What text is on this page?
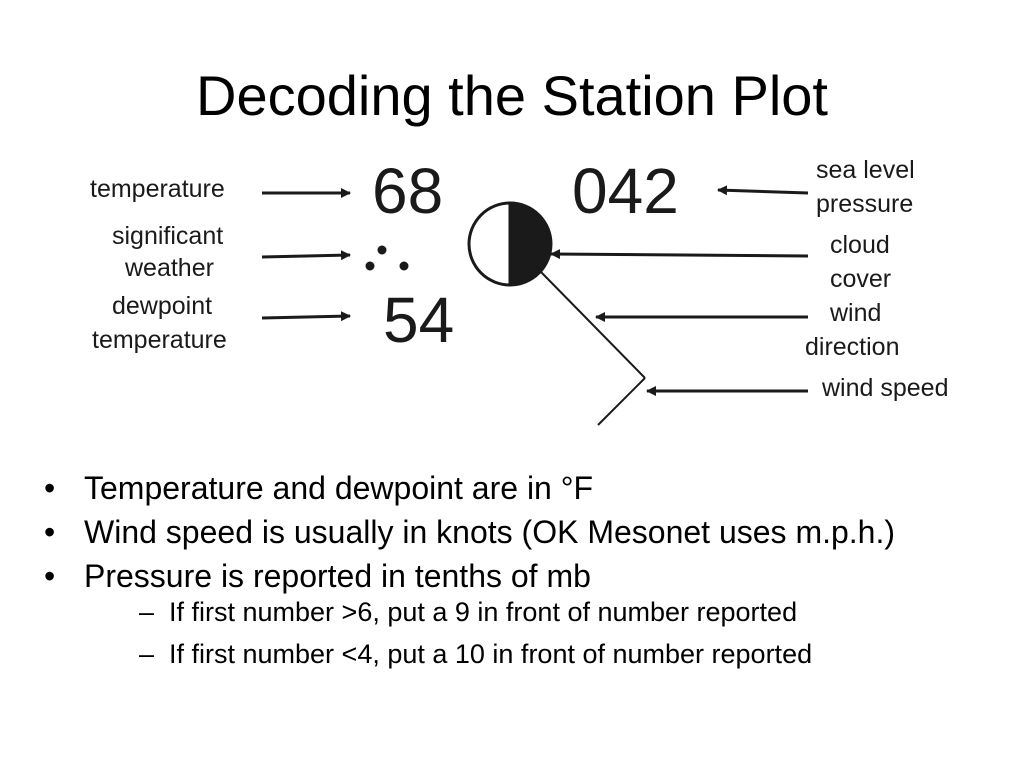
Decoding the Station Plot
temperature
significant
weather
dewpoint
temperature
68 042
54
sea level
pressure
cloud
cover
wind
direction
wind speed
• Temperature and dewpoint are in °F
• Wind speed is usually in knots (OK Mesonet uses m.p.h.)
• Pressure is reported in tenths of mb
– If first number >6, put a 9 in front of number reported
– If first number <4, put a 10 in front of number reported
